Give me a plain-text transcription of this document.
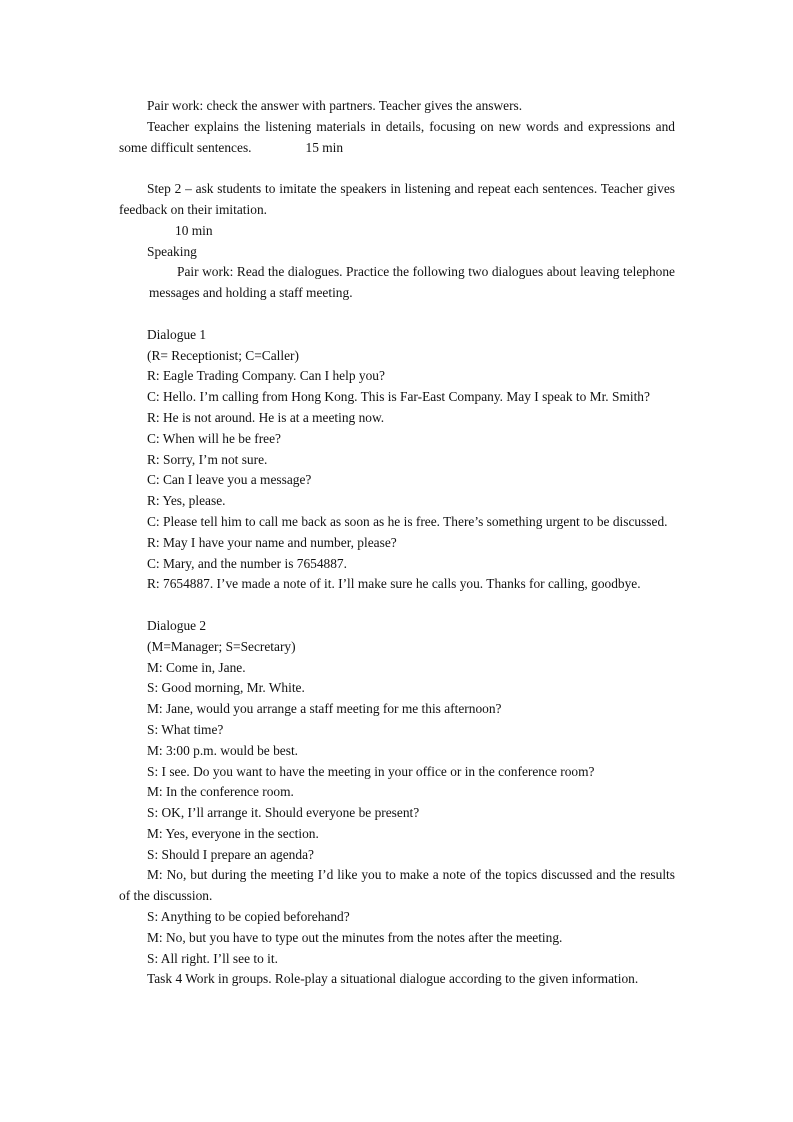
Pair work: check the answer with partners. Teacher gives the answers.

Teacher explains the listening materials in details, focusing on new words and expressions and some difficult sentences.	15 min

Step 2 – ask students to imitate the speakers in listening and repeat each sentences. Teacher gives feedback on their imitation.

10 min

SpeakingPair work: Read the dialogues. Practice the following two dialogues about leaving telephone messages and holding a staff meeting.

Dialogue 1

(R= Receptionist; C=Caller)

R: Eagle Trading Company. Can I help you?

C: Hello. I’m calling from Hong Kong. This is Far-East Company. May I speak to Mr. Smith?

R: He is not around. He is at a meeting now.

C: When will he be free?

R: Sorry, I’m not sure.

C: Can I leave you a message?

R: Yes, please.

C: Please tell him to call me back as soon as he is free. There’s something urgent to be discussed.

R: May I have your name and number, please?

C: Mary, and the number is 7654887.

R: 7654887. I’ve made a note of it. I’ll make sure he calls you. Thanks for calling, goodbye.

Dialogue 2

(M=Manager; S=Secretary)

M: Come in, Jane.

S: Good morning, Mr. White.

M: Jane, would you arrange a staff meeting for me this afternoon?

S: What time?

M: 3:00 p.m. would be best.

S: I see. Do you want to have the meeting in your office or in the conference room?

M: In the conference room.

S: OK, I’ll arrange it. Should everyone be present?

M: Yes, everyone in the section.

S: Should I prepare an agenda?

M: No, but during the meeting I’d like you to make a note of the topics discussed and the results of the discussion.

S: Anything to be copied beforehand?

M: No, but you have to type out the minutes from the notes after the meeting.

S: All right. I’ll see to it.

Task 4 Work in groups. Role-play a situational dialogue according to the given information.
